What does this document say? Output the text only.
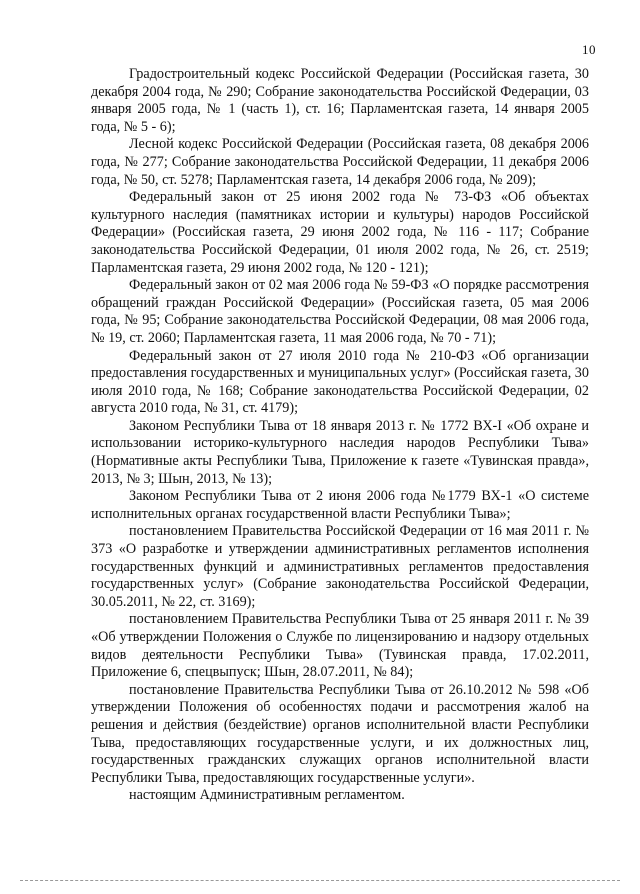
10

Градостроительный кодекс Российской Федерации (Российская газета, 30 декабря 2004 года, № 290; Собрание законодательства Российской Федерации, 03 января 2005 года, № 1 (часть 1), ст. 16; Парламентская газета, 14 января 2005 года, № 5 - 6);

Лесной кодекс Российской Федерации (Российская газета, 08 декабря 2006 года, № 277; Собрание законодательства Российской Федерации, 11 декабря 2006 года, № 50, ст. 5278; Парламентская газета, 14 декабря 2006 года, № 209);

Федеральный закон от 25 июня 2002 года № 73-ФЗ «Об объектах культурного наследия (памятниках истории и культуры) народов Российской Федерации» (Российская газета, 29 июня 2002 года, № 116 - 117; Собрание законодательства Российской Федерации, 01 июля 2002 года, № 26, ст. 2519; Парламентская газета, 29 июня 2002 года, № 120 - 121);

Федеральный закон от 02 мая 2006 года № 59-ФЗ «О порядке рассмотрения обращений граждан Российской Федерации» (Российская газета, 05 мая 2006 года, № 95; Собрание законодательства Российской Федерации, 08 мая 2006 года, № 19, ст. 2060; Парламентская газета, 11 мая 2006 года, № 70 - 71);

Федеральный закон от 27 июля 2010 года № 210-ФЗ «Об организации предоставления государственных и муниципальных услуг» (Российская газета, 30 июля 2010 года, № 168; Собрание законодательства Российской Федерации, 02 августа 2010 года, № 31, ст. 4179);

Законом Республики Тыва от 18 января 2013 г. № 1772 ВХ-I «Об охране и использовании историко-культурного наследия народов Республики Тыва» (Нормативные акты Республики Тыва, Приложение к газете «Тувинская правда», 2013, № 3; Шын, 2013, № 13);

Законом Республики Тыва от 2 июня 2006 года №1779 ВХ-1 «О системе исполнительных органах государственной власти Республики Тыва»;

постановлением Правительства Российской Федерации от 16 мая 2011 г. № 373 «О разработке и утверждении административных регламентов исполнения государственных функций и административных регламентов предоставления государственных услуг» (Собрание законодательства Российской Федерации, 30.05.2011, № 22, ст. 3169);

постановлением Правительства Республики Тыва от 25 января 2011 г. № 39 «Об утверждении Положения о Службе по лицензированию и надзору отдельных видов деятельности Республики Тыва» (Тувинская правда, 17.02.2011, Приложение 6, спецвыпуск; Шын, 28.07.2011, № 84);

постановление Правительства Республики Тыва от 26.10.2012 № 598 «Об утверждении Положения об особенностях подачи и рассмотрения жалоб на решения и действия (бездействие) органов исполнительной власти Республики Тыва, предоставляющих государственные услуги, и их должностных лиц, государственных гражданских служащих органов исполнительной власти Республики Тыва, предоставляющих государственные услуги».

настоящим Административным регламентом.
